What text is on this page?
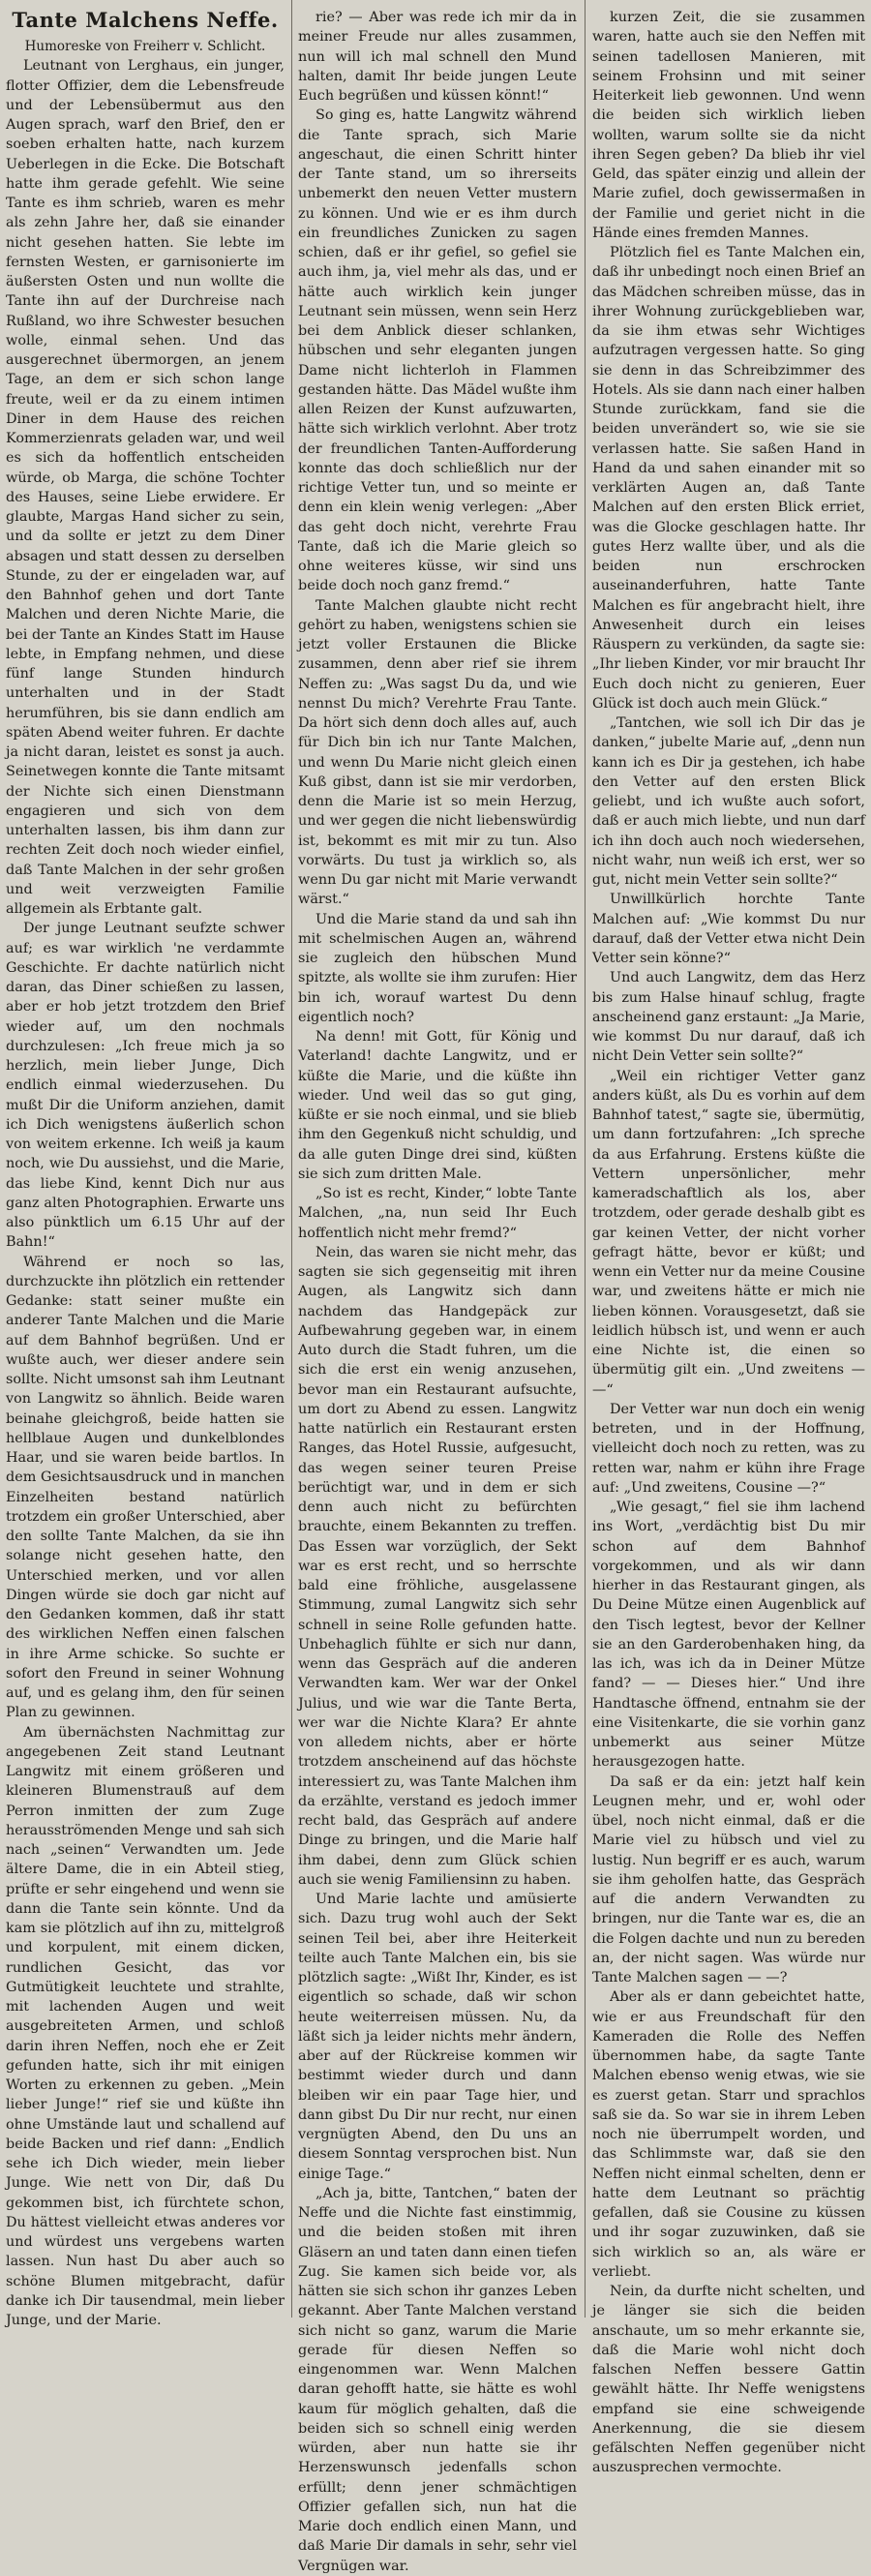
Tante Malchens Neffe.
Humoreske von Freiherr v. Schlicht.

Leutnant von Lerghaus, ein junger, flotter Offizier, dem die Lebensfreude und der Lebensübermut aus den Augen sprach, warf den Brief, den er soeben erhalten hatte, nach kurzem Ueberlegen in die Ecke. Die Botschaft hatte ihm gerade gefehlt. Wie seine Tante es ihm schrieb, waren es mehr als zehn Jahre her, daß sie einander nicht gesehen hatten. Sie lebte im fernsten Westen, er garnisonierte im äußersten Osten und nun wollte die Tante ihn auf der Durchreise nach Rußland, wo ihre Schwester besuchen wolle, einmal sehen. Und das ausgerechnet übermorgen, an jenem Tage, an dem er sich schon lange freute, weil er da zu einem intimen Diner in dem Hause des reichen Kommerzienrats geladen war, und weil es sich da hoffentlich entscheiden würde, ob Marga, die schöne Tochter des Hauses, seine Liebe erwidere. Er glaubte, Margas Hand sicher zu sein, und da sollte er jetzt zu dem Diner absagen und statt dessen zu derselben Stunde, zu der er eingeladen war, auf den Bahnhof gehen und dort Tante Malchen und deren Nichte Marie, die bei der Tante an Kindes Statt im Hause lebte, in Empfang nehmen, und diese fünf lange Stunden hindurch unterhalten und in der Stadt herumführen, bis sie dann endlich am späten Abend weiter fuhren. Er dachte ja nicht daran, leistet es sonst ja auch. Seinetwegen konnte die Tante mitsamt der Nichte sich einen Dienstmann engagieren und sich von dem unterhalten lassen, bis ihm dann zur rechten Zeit doch noch wieder einfiel, daß Tante Malchen in der sehr großen und weit verzweigten Familie allgemein als Erbtante galt.

Der junge Leutnant seufzte schwer auf; es war wirklich 'ne verdammte Geschichte. Er dachte natürlich nicht daran, das Diner schießen zu lassen, aber er hob jetzt trotzdem den Brief wieder auf, um den nochmals durchzulesen: „Ich freue mich ja so herzlich, mein lieber Junge, Dich endlich einmal wiederzusehen. Du mußt Dir die Uniform anziehen, damit ich Dich wenigstens äußerlich schon von weitem erkenne. Ich weiß ja kaum noch, wie Du aussiehst, und die Marie, das liebe Kind, kennt Dich nur aus ganz alten Photographien. Erwarte uns also pünktlich um 6.15 Uhr auf der Bahn!“

Während er noch so las, durchzuckte ihn plötzlich ein rettender Gedanke: statt seiner mußte ein anderer Tante Malchen und die Marie auf dem Bahnhof begrüßen. Und er wußte auch, wer dieser andere sein sollte. Nicht umsonst sah ihm Leutnant von Langwitz so ähnlich. Beide waren beinahe gleichgroß, beide hatten sie hellblaue Augen und dunkelblondes Haar, und sie waren beide bartlos. In dem Gesichtsausdruck und in manchen Einzelheiten bestand natürlich trotzdem ein großer Unterschied, aber den sollte Tante Malchen, da sie ihn solange nicht gesehen hatte, den Unterschied merken, und vor allen Dingen würde sie doch gar nicht auf den Gedanken kommen, daß ihr statt des wirklichen Neffen einen falschen in ihre Arme schicke. So suchte er sofort den Freund in seiner Wohnung auf, und es gelang ihm, den für seinen Plan zu gewinnen.

Am übernächsten Nachmittag zur angegebenen Zeit stand Leutnant Langwitz mit einem größeren und kleineren Blumenstrauß auf dem Perron inmitten der zum Zuge herausströmenden Menge und sah sich nach „seinen“ Verwandten um. Jede ältere Dame, die in ein Abteil stieg, prüfte er sehr eingehend und wenn sie dann die Tante sein könnte. Und da kam sie plötzlich auf ihn zu, mittelgroß und korpulent, mit einem dicken, rundlichen Gesicht, das vor Gutmütigkeit leuchtete und strahlte, mit lachenden Augen und weit ausgebreiteten Armen, und schloß darin ihren Neffen, noch ehe er Zeit gefunden hatte, sich ihr mit einigen Worten zu erkennen zu geben. „Mein lieber Junge!“ rief sie und küßte ihn ohne Umstände laut und schallend auf beide Backen und rief dann: „Endlich sehe ich Dich wieder, mein lieber Junge. Wie nett von Dir, daß Du gekommen bist, ich fürchtete schon, Du hättest vielleicht etwas anderes vor und würdest uns vergebens warten lassen. Nun hast Du aber auch so schöne Blumen mitgebracht, dafür danke ich Dir tausendmal, mein lieber Junge, und der Marie.

rie? — Aber was rede ich mir da in meiner Freude nur alles zusammen, nun will ich mal schnell den Mund halten, damit Ihr beide jungen Leute Euch begrüßen und küssen könnt!“

So ging es, hatte Langwitz während die Tante sprach, sich Marie angeschaut, die einen Schritt hinter der Tante stand, um so ihrerseits unbemerkt den neuen Vetter mustern zu können. Und wie er es ihm durch ein freundliches Zunicken zu sagen schien, daß er ihr gefiel, so gefiel sie auch ihm, ja, viel mehr als das, und er hätte auch wirklich kein junger Leutnant sein müssen, wenn sein Herz bei dem Anblick dieser schlanken, hübschen und sehr eleganten jungen Dame nicht lichterloh in Flammen gestanden hätte. Das Mädel wußte ihm allen Reizen der Kunst aufzuwarten, hätte sich wirklich verlohnt. Aber trotz der freundlichen Tanten-Aufforderung konnte das doch schließlich nur der richtige Vetter tun, und so meinte er denn ein klein wenig verlegen: „Aber das geht doch nicht, verehrte Frau Tante, daß ich die Marie gleich so ohne weiteres küsse, wir sind uns beide doch noch ganz fremd.“

Tante Malchen glaubte nicht recht gehört zu haben, wenigstens schien sie jetzt voller Erstaunen die Blicke zusammen, denn aber rief sie ihrem Neffen zu: „Was sagst Du da, und wie nennst Du mich? Verehrte Frau Tante. Da hört sich denn doch alles auf, auch für Dich bin ich nur Tante Malchen, und wenn Du Marie nicht gleich einen Kuß gibst, dann ist sie mir verdorben, denn die Marie ist so mein Herzug, und wer gegen die nicht liebenswürdig ist, bekommt es mit mir zu tun. Also vorwärts. Du tust ja wirklich so, als wenn Du gar nicht mit Marie verwandt wärst.“

Und die Marie stand da und sah ihn mit schelmischen Augen an, während sie zugleich den hübschen Mund spitzte, als wollte sie ihm zurufen: Hier bin ich, worauf wartest Du denn eigentlich noch?

Na denn! mit Gott, für König und Vaterland! dachte Langwitz, und er küßte die Marie, und die küßte ihn wieder. Und weil das so gut ging, küßte er sie noch einmal, und sie blieb ihm den Gegenkuß nicht schuldig, und da alle guten Dinge drei sind, küßten sie sich zum dritten Male.

„So ist es recht, Kinder,“ lobte Tante Malchen, „na, nun seid Ihr Euch hoffentlich nicht mehr fremd?“

Nein, das waren sie nicht mehr, das sagten sie sich gegenseitig mit ihren Augen, als Langwitz sich dann nachdem das Handgepäck zur Aufbewahrung gegeben war, in einem Auto durch die Stadt fuhren, um die sich die erst ein wenig anzusehen, bevor man ein Restaurant aufsuchte, um dort zu Abend zu essen. Langwitz hatte natürlich ein Restaurant ersten Ranges, das Hotel Russie, aufgesucht, das wegen seiner teuren Preise berüchtigt war, und in dem er sich denn auch nicht zu befürchten brauchte, einem Bekannten zu treffen. Das Essen war vorzüglich, der Sekt war es erst recht, und so herrschte bald eine fröhliche, ausgelassene Stimmung, zumal Langwitz sich sehr schnell in seine Rolle gefunden hatte. Unbehaglich fühlte er sich nur dann, wenn das Gespräch auf die anderen Verwandten kam. Wer war der Onkel Julius, und wie war die Tante Berta, wer war die Nichte Klara? Er ahnte von alledem nichts, aber er hörte trotzdem anscheinend auf das höchste interessiert zu, was Tante Malchen ihm da erzählte, verstand es jedoch immer recht bald, das Gespräch auf andere Dinge zu bringen, und die Marie half ihm dabei, denn zum Glück schien auch sie wenig Familiensinn zu haben.

Und Marie lachte und amüsierte sich. Dazu trug wohl auch der Sekt seinen Teil bei, aber ihre Heiterkeit teilte auch Tante Malchen ein, bis sie plötzlich sagte: „Wißt Ihr, Kinder, es ist eigentlich so schade, daß wir schon heute weiterreisen müssen. Nu, da läßt sich ja leider nichts mehr ändern, aber auf der Rückreise kommen wir bestimmt wieder durch und dann bleiben wir ein paar Tage hier, und dann gibst Du Dir nur recht, nur einen vergnügten Abend, den Du uns an diesem Sonntag versprochen bist. Nun einige Tage.“

„Ach ja, bitte, Tantchen,“ baten der Neffe und die Nichte fast einstimmig, und die beiden stoßen mit ihren Gläsern an und taten dann einen tiefen Zug. Sie kamen sich beide vor, als hätten sie sich schon ihr ganzes Leben gekannt. Aber Tante Malchen verstand sich nicht so ganz, warum die Marie gerade für diesen Neffen so eingenommen war. Wenn Malchen daran gehofft hatte, sie hätte es wohl kaum für möglich gehalten, daß die beiden sich so schnell einig werden würden, aber nun hatte sie ihr Herzenswunsch jedenfalls schon erfüllt; denn jener schmächtigen Offizier gefallen sich, nun hat die Marie doch endlich einen Mann, und daß Marie Dir damals in sehr, sehr viel Vergnügen war.

kurzen Zeit, die sie zusammen waren, hatte auch sie den Neffen mit seinen tadellosen Manieren, mit seinem Frohsinn und mit seiner Heiterkeit lieb gewonnen. Und wenn die beiden sich wirklich lieben wollten, warum sollte sie da nicht ihren Segen geben? Da blieb ihr viel Geld, das später einzig und allein der Marie zufiel, doch gewissermaßen in der Familie und geriet nicht in die Hände eines fremden Mannes.

Plötzlich fiel es Tante Malchen ein, daß ihr unbedingt noch einen Brief an das Mädchen schreiben müsse, das in ihrer Wohnung zurückgeblieben war, da sie ihm etwas sehr Wichtiges aufzutragen vergessen hatte. So ging sie denn in das Schreibzimmer des Hotels. Als sie dann nach einer halben Stunde zurückkam, fand sie die beiden unverändert so, wie sie sie verlassen hatte. Sie saßen Hand in Hand da und sahen einander mit so verklärten Augen an, daß Tante Malchen auf den ersten Blick erriet, was die Glocke geschlagen hatte. Ihr gutes Herz wallte über, und als die beiden nun erschrocken auseinanderfuhren, hatte Tante Malchen es für angebracht hielt, ihre Anwesenheit durch ein leises Räuspern zu verkünden, da sagte sie: „Ihr lieben Kinder, vor mir braucht Ihr Euch doch nicht zu genieren, Euer Glück ist doch auch mein Glück.“

„Tantchen, wie soll ich Dir das je danken,“ jubelte Marie auf, „denn nun kann ich es Dir ja gestehen, ich habe den Vetter auf den ersten Blick geliebt, und ich wußte auch sofort, daß er auch mich liebte, und nun darf ich ihn doch auch noch wiedersehen, nicht wahr, nun weiß ich erst, wer so gut, nicht mein Vetter sein sollte?“

Unwillkürlich horchte Tante Malchen auf: „Wie kommst Du nur darauf, daß der Vetter etwa nicht Dein Vetter sein könne?“

Und auch Langwitz, dem das Herz bis zum Halse hinauf schlug, fragte anscheinend ganz erstaunt: „Ja Marie, wie kommst Du nur darauf, daß ich nicht Dein Vetter sein sollte?“

„Weil ein richtiger Vetter ganz anders küßt, als Du es vorhin auf dem Bahnhof tatest,“ sagte sie, übermütig, um dann fortzufahren: „Ich spreche da aus Erfahrung. Erstens küßte die Vettern unpersönlicher, mehr kameradschaftlich als los, aber trotzdem, oder gerade deshalb gibt es gar keinen Vetter, der nicht vorher gefragt hätte, bevor er küßt; und wenn ein Vetter nur da meine Cousine war, und zweitens hätte er mich nie lieben können. Vorausgesetzt, daß sie leidlich hübsch ist, und wenn er auch eine Nichte ist, die einen so übermütig gilt ein. „Und zweitens — —“

Der Vetter war nun doch ein wenig betreten, und in der Hoffnung, vielleicht doch noch zu retten, was zu retten war, nahm er kühn ihre Frage auf: „Und zweitens, Cousine —?“

„Wie gesagt,“ fiel sie ihm lachend ins Wort, „verdächtig bist Du mir schon auf dem Bahnhof vorgekommen, und als wir dann hierher in das Restaurant gingen, als Du Deine Mütze einen Augenblick auf den Tisch legtest, bevor der Kellner sie an den Garderobenhaken hing, da las ich, was ich da in Deiner Mütze fand? — — Dieses hier.“ Und ihre Handtasche öffnend, entnahm sie der eine Visitenkarte, die sie vorhin ganz unbemerkt aus seiner Mütze herausgezogen hatte.

Da saß er da ein: jetzt half kein Leugnen mehr, und er, wohl oder übel, noch nicht einmal, daß er die Marie viel zu hübsch und viel zu lustig. Nun begriff er es auch, warum sie ihm geholfen hatte, das Gespräch auf die andern Verwandten zu bringen, nur die Tante war es, die an die Folgen dachte und nun zu bereden an, der nicht sagen. Was würde nur Tante Malchen sagen — —?

Aber als er dann gebeichtet hatte, wie er aus Freundschaft für den Kameraden die Rolle des Neffen übernommen habe, da sagte Tante Malchen ebenso wenig etwas, wie sie es zuerst getan. Starr und sprachlos saß sie da. So war sie in ihrem Leben noch nie überrumpelt worden, und das Schlimmste war, daß sie den Neffen nicht einmal schelten, denn er hatte dem Leutnant so prächtig gefallen, daß sie Cousine zu küssen und ihr sogar zuzuwinken, daß sie sich wirklich so an, als wäre er verliebt.

Nein, da durfte nicht schelten, und je länger sie sich die beiden anschaute, um so mehr erkannte sie, daß die Marie wohl nicht doch falschen Neffen bessere Gattin gewählt hätte. Ihr Neffe wenigstens empfand sie eine schweigende Anerkennung, die sie diesem gefälschten Neffen gegenüber nicht auszusprechen vermochte.
